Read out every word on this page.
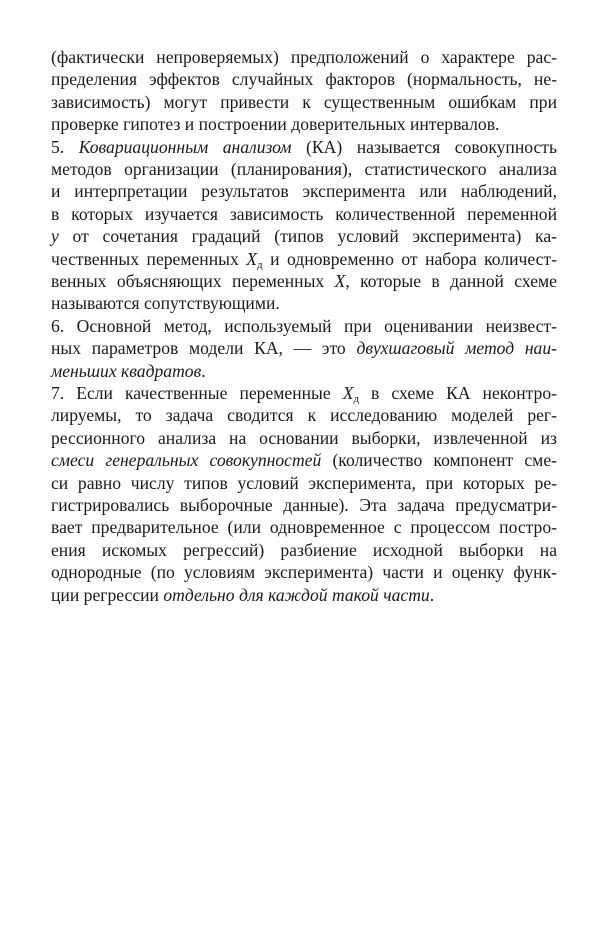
(фактически непроверяемых) предположений о характере рас-
пределения эффектов случайных факторов (нормальность, не-
зависимость) могут привести к существенным ошибкам при
проверке гипотез и построении доверительных интервалов.
5. Ковариационным анализом (КА) называется совокупность
методов организации (планирования), статистического анализа
и интерпретации результатов эксперимента или наблюдений,
в которых изучается зависимость количественной переменной
y от сочетания градаций (типов условий эксперимента) ка-
чественных переменных $X_д$ и одновременно от набора количест-
венных объясняющих переменных X, которые в данной схеме
называются сопутствующими.
6. Основной метод, используемый при оценивании неизвест-
ных параметров модели КА, — это двухшаговый метод наи-
меньших квадратов.
7. Если качественные переменные $X_д$ в схеме КА неконтро-
лируемы, то задача сводится к исследованию моделей рег-
рессионного анализа на основании выборки, извлеченной из
смеси генеральных совокупностей (количество компонент сме-
си равно числу типов условий эксперимента, при которых ре-
гистрировались выборочные данные). Эта задача предусматри-
вает предварительное (или одновременное с процессом постро-
ения искомых регрессий) разбиение исходной выборки на
однородные (по условиям эксперимента) части и оценку функ-
ции регрессии отдельно для каждой такой части.
